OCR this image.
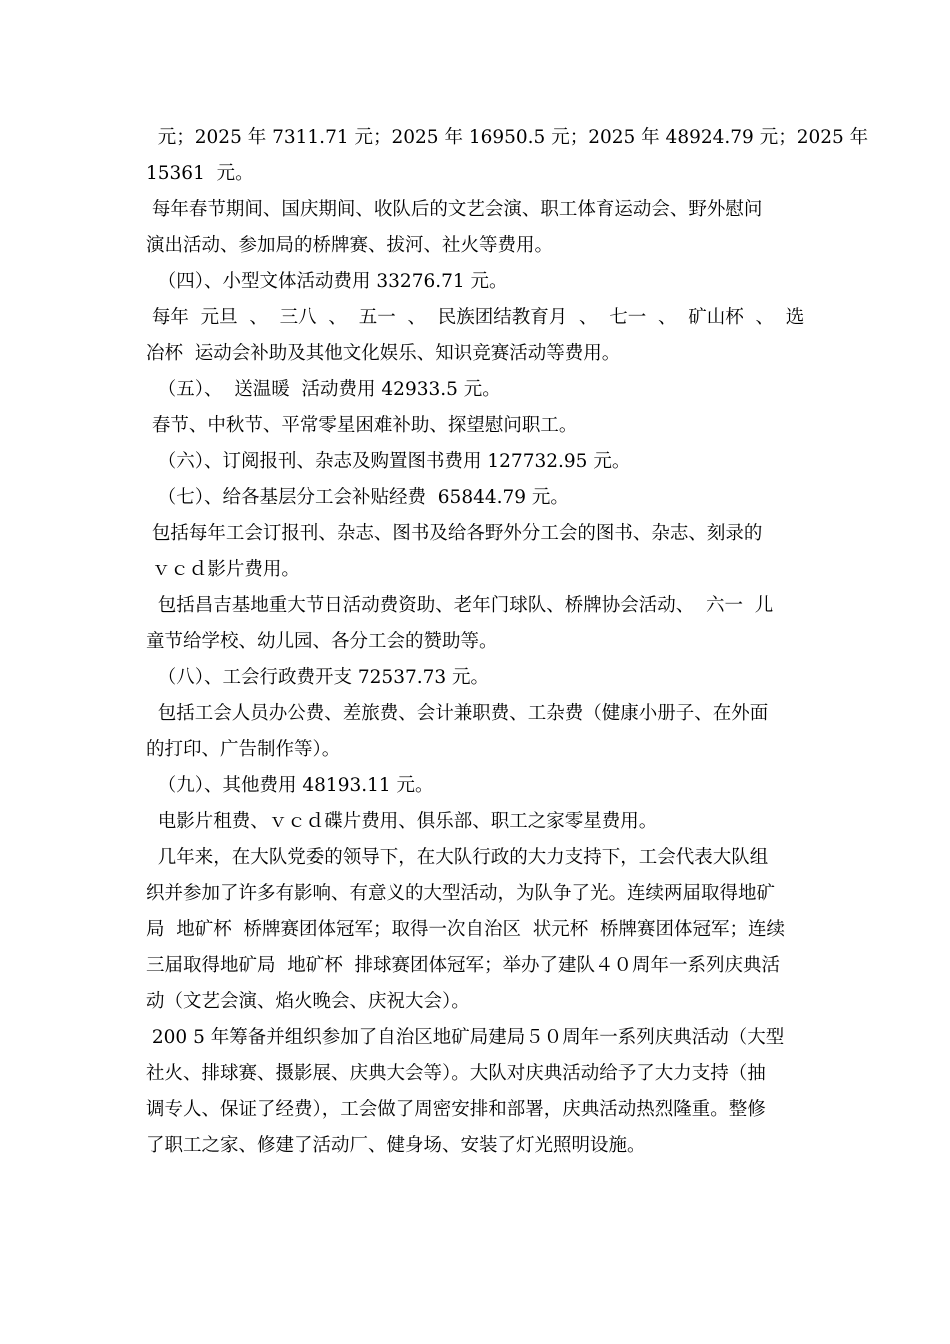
元；2025 年 7311.71 元；2025 年 16950.5 元；2025 年 48924.79 元；2025 年
15361  元。
每年春节期间、国庆期间、收队后的文艺会演、职工体育运动会、野外慰问
演出活动、参加局的桥牌赛、拔河、社火等费用。
（四）、小型文体活动费用 33276.71 元。
每年  元旦  、  三八  、  五一  、  民族团结教育月  、  七一  、  矿山杯  、  选
冶杯  运动会补助及其他文化娱乐、知识竞赛活动等费用。
（五）、  送温暖  活动费用 42933.5 元。
春节、中秋节、平常零星困难补助、探望慰问职工。
（六）、订阅报刊、杂志及购置图书费用 127732.95 元。
（七）、给各基层分工会补贴经费  65844.79 元。
包括每年工会订报刊、杂志、图书及给各野外分工会的图书、杂志、刻录的
ｖｃｄ影片费用。
包括昌吉基地重大节日活动费资助、老年门球队、桥牌协会活动、  六一  儿
童节给学校、幼儿园、各分工会的赞助等。
（八）、工会行政费开支 72537.73 元。
包括工会人员办公费、差旅费、会计兼职费、工杂费（健康小册子、在外面
的打印、广告制作等）。
（九）、其他费用 48193.11 元。
电影片租费、ｖｃｄ碟片费用、俱乐部、职工之家零星费用。
几年来，在大队党委的领导下，在大队行政的大力支持下，工会代表大队组
织并参加了许多有影响、有意义的大型活动，为队争了光。连续两届取得地矿
局  地矿杯  桥牌赛团体冠军；取得一次自治区  状元杯  桥牌赛团体冠军；连续
三届取得地矿局  地矿杯  排球赛团体冠军；举办了建队４０周年一系列庆典活
动（文艺会演、焰火晚会、庆祝大会）。
200 5 年筹备并组织参加了自治区地矿局建局５０周年一系列庆典活动（大型
社火、排球赛、摄影展、庆典大会等）。大队对庆典活动给予了大力支持（抽
调专人、保证了经费），工会做了周密安排和部署，庆典活动热烈隆重。整修
了职工之家、修建了活动厂、健身场、安装了灯光照明设施。
